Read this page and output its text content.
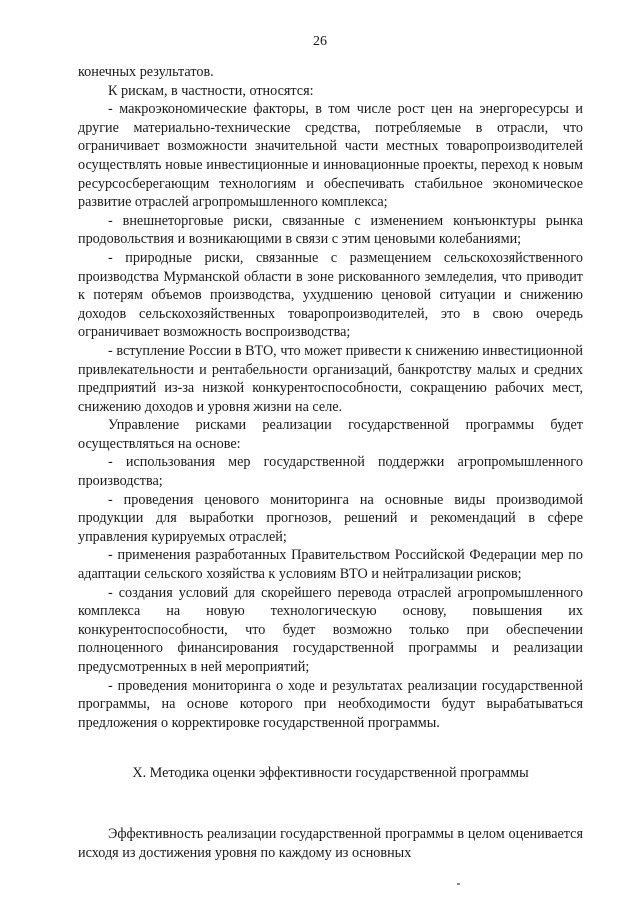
26

конечных результатов.

К рискам, в частности, относятся:

- макроэкономические факторы, в том числе рост цен на энергоресурсы и другие материально-технические средства, потребляемые в отрасли, что ограничивает возможности значительной части местных товаропроизводителей осуществлять новые инвестиционные и инновационные проекты, переход к новым ресурсосберегающим технологиям и обеспечивать стабильное экономическое развитие отраслей агропромышленного комплекса;

- внешнеторговые риски, связанные с изменением конъюнктуры рынка продовольствия и возникающими в связи с этим ценовыми колебаниями;

- природные риски, связанные с размещением сельскохозяйственного производства Мурманской области в зоне рискованного земледелия, что приводит к потерям объемов производства, ухудшению ценовой ситуации и снижению доходов сельскохозяйственных товаропроизводителей, это в свою очередь ограничивает возможность воспроизводства;

- вступление России в ВТО, что может привести к снижению инвестиционной привлекательности и рентабельности организаций, банкротству малых и средних предприятий из-за низкой конкурентоспособности, сокращению рабочих мест, снижению доходов и уровня жизни на селе.

Управление рисками реализации государственной программы будет осуществляться на основе:

- использования мер государственной поддержки агропромышленного производства;

- проведения ценового мониторинга на основные виды производимой продукции для выработки прогнозов, решений и рекомендаций в сфере управления курируемых отраслей;

- применения разработанных Правительством Российской Федерации мер по адаптации сельского хозяйства к условиям ВТО и нейтрализации рисков;

- создания условий для скорейшего перевода отраслей агропромышленного комплекса на новую технологическую основу, повышения их конкурентоспособности, что будет возможно только при обеспечении полноценного финансирования государственной программы и реализации предусмотренных в ней мероприятий;

- проведения мониторинга о ходе и результатах реализации государственной программы, на основе которого при необходимости будут вырабатываться предложения о корректировке государственной программы.

X. Методика оценки эффективности государственной программы

Эффективность реализации государственной программы в целом оценивается исходя из достижения уровня по каждому из основных
